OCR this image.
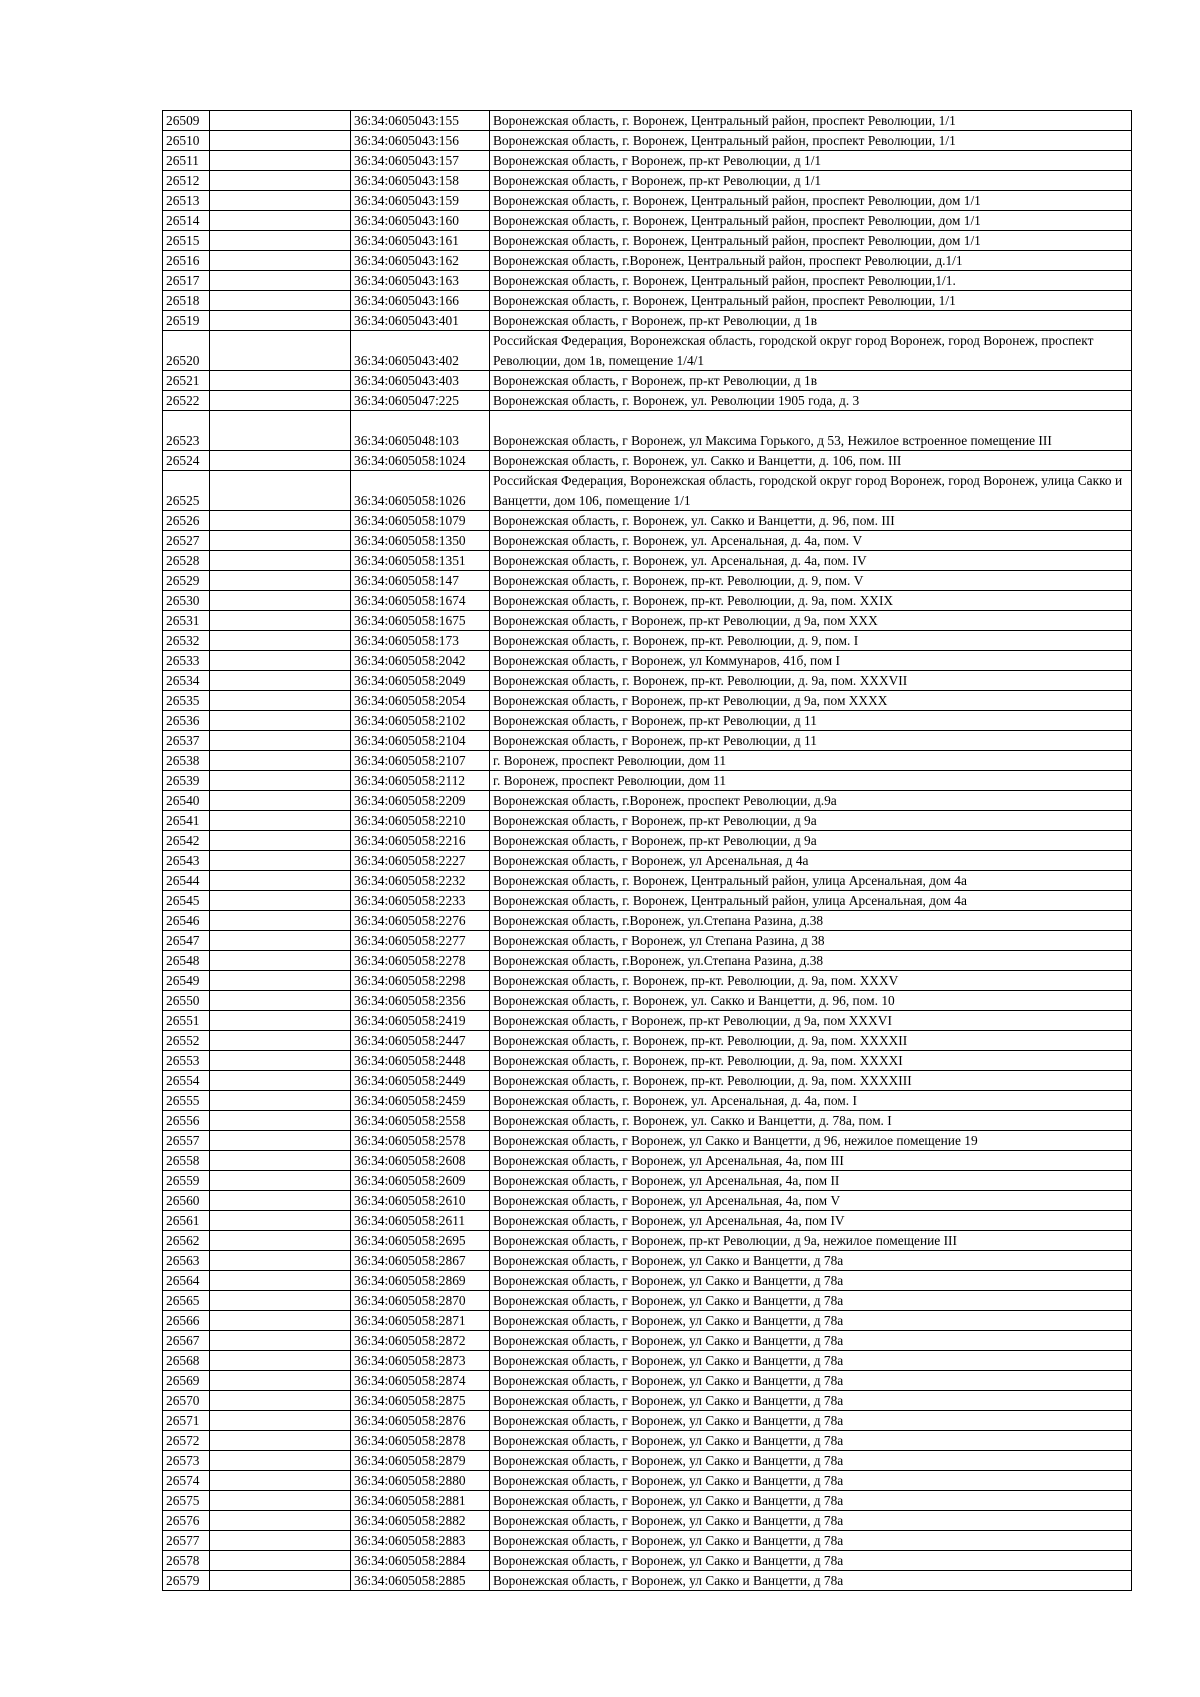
26509		36:34:0605043:155	Воронежская область, г. Воронеж, Центральный район, проспект Революции, 1/1
26510		36:34:0605043:156	Воронежская область, г. Воронеж, Центральный район, проспект Революции, 1/1
26511		36:34:0605043:157	Воронежская область, г Воронеж, пр-кт Революции, д 1/1
26512		36:34:0605043:158	Воронежская область, г Воронеж, пр-кт Революции, д 1/1
26513		36:34:0605043:159	Воронежская область, г. Воронеж, Центральный район, проспект Революции, дом 1/1
26514		36:34:0605043:160	Воронежская область, г. Воронеж, Центральный район, проспект Революции, дом 1/1
26515		36:34:0605043:161	Воронежская область, г. Воронеж, Центральный район, проспект Революции, дом 1/1
26516		36:34:0605043:162	Воронежская область, г.Воронеж, Центральный район, проспект Революции, д.1/1
26517		36:34:0605043:163	Воронежская область, г. Воронеж, Центральный район, проспект Революции,1/1.
26518		36:34:0605043:166	Воронежская область, г. Воронеж, Центральный район, проспект Революции, 1/1
26519		36:34:0605043:401	Воронежская область, г Воронеж, пр-кт Революции, д 1в
26520		36:34:0605043:402	Российская Федерация, Воронежская область, городской округ город Воронеж, город Воронеж, проспект Революции, дом 1в, помещение 1/4/1
26521		36:34:0605043:403	Воронежская область, г Воронеж, пр-кт Революции, д 1в
26522		36:34:0605047:225	Воронежская область, г. Воронеж, ул. Революции 1905 года, д. 3
26523		36:34:0605048:103	Воронежская область, г Воронеж, ул Максима Горького, д 53, Нежилое встроенное помещение III
26524		36:34:0605058:1024	Воронежская область, г. Воронеж, ул. Сакко и Ванцетти, д. 106, пом. III
26525		36:34:0605058:1026	Российская Федерация, Воронежская область, городской округ город Воронеж, город Воронеж, улица Сакко и Ванцетти, дом 106, помещение 1/1
26526		36:34:0605058:1079	Воронежская область, г. Воронеж, ул. Сакко и Ванцетти, д. 96, пом. III
26527		36:34:0605058:1350	Воронежская область, г. Воронеж, ул. Арсенальная, д. 4а, пом. V
26528		36:34:0605058:1351	Воронежская область, г. Воронеж, ул. Арсенальная, д. 4а, пом. IV
26529		36:34:0605058:147	Воронежская область, г. Воронеж, пр-кт. Революции, д. 9, пом. V
26530		36:34:0605058:1674	Воронежская область, г. Воронеж, пр-кт. Революции, д. 9а, пом. XXIX
26531		36:34:0605058:1675	Воронежская область, г Воронеж, пр-кт Революции, д 9а, пом XXX
26532		36:34:0605058:173	Воронежская область, г. Воронеж, пр-кт. Революции, д. 9, пом. I
26533		36:34:0605058:2042	Воронежская область, г Воронеж, ул Коммунаров, 41б, пом I
26534		36:34:0605058:2049	Воронежская область, г. Воронеж, пр-кт. Революции, д. 9а, пом. XXXVII
26535		36:34:0605058:2054	Воронежская область, г Воронеж, пр-кт Революции, д 9а, пом XXXX
26536		36:34:0605058:2102	Воронежская область, г Воронеж, пр-кт Революции, д 11
26537		36:34:0605058:2104	Воронежская область, г Воронеж, пр-кт Революции, д 11
26538		36:34:0605058:2107	г. Воронеж, проспект Революции, дом 11
26539		36:34:0605058:2112	г. Воронеж, проспект Революции, дом 11
26540		36:34:0605058:2209	Воронежская область, г.Воронеж, проспект Революции, д.9а
26541		36:34:0605058:2210	Воронежская область, г Воронеж, пр-кт Революции, д 9а
26542		36:34:0605058:2216	Воронежская область, г Воронеж, пр-кт Революции, д 9а
26543		36:34:0605058:2227	Воронежская область, г Воронеж, ул Арсенальная, д 4а
26544		36:34:0605058:2232	Воронежская область, г. Воронеж, Центральный район, улица Арсенальная, дом 4а
26545		36:34:0605058:2233	Воронежская область, г. Воронеж, Центральный район, улица Арсенальная, дом 4а
26546		36:34:0605058:2276	Воронежская область, г.Воронеж, ул.Степана Разина, д.38
26547		36:34:0605058:2277	Воронежская область, г Воронеж, ул Степана Разина, д 38
26548		36:34:0605058:2278	Воронежская область, г.Воронеж, ул.Степана Разина, д.38
26549		36:34:0605058:2298	Воронежская область, г. Воронеж, пр-кт. Революции, д. 9а, пом. XXXV
26550		36:34:0605058:2356	Воронежская область, г. Воронеж, ул. Сакко и Ванцетти, д. 96, пом. 10
26551		36:34:0605058:2419	Воронежская область, г Воронеж, пр-кт Революции, д 9а, пом XXXVI
26552		36:34:0605058:2447	Воронежская область, г. Воронеж, пр-кт. Революции, д. 9а, пом. XXXXII
26553		36:34:0605058:2448	Воронежская область, г. Воронеж, пр-кт. Революции, д. 9а, пом. XXXXI
26554		36:34:0605058:2449	Воронежская область, г. Воронеж, пр-кт. Революции, д. 9а, пом. XXXXIII
26555		36:34:0605058:2459	Воронежская область, г. Воронеж, ул. Арсенальная, д. 4а, пом. I
26556		36:34:0605058:2558	Воронежская область, г. Воронеж, ул. Сакко и Ванцетти, д. 78а, пом. I
26557		36:34:0605058:2578	Воронежская область, г Воронеж, ул Сакко и Ванцетти, д 96, нежилое помещение 19
26558		36:34:0605058:2608	Воронежская область, г Воронеж, ул Арсенальная, 4а, пом III
26559		36:34:0605058:2609	Воронежская область, г Воронеж, ул Арсенальная, 4а, пом II
26560		36:34:0605058:2610	Воронежская область, г Воронеж, ул Арсенальная, 4а, пом V
26561		36:34:0605058:2611	Воронежская область, г Воронеж, ул Арсенальная, 4а, пом IV
26562		36:34:0605058:2695	Воронежская область, г Воронеж, пр-кт Революции, д 9а, нежилое помещение III
26563		36:34:0605058:2867	Воронежская область, г Воронеж, ул Сакко и Ванцетти, д 78а
26564		36:34:0605058:2869	Воронежская область, г Воронеж, ул Сакко и Ванцетти, д 78а
26565		36:34:0605058:2870	Воронежская область, г Воронеж, ул Сакко и Ванцетти, д 78а
26566		36:34:0605058:2871	Воронежская область, г Воронеж, ул Сакко и Ванцетти, д 78а
26567		36:34:0605058:2872	Воронежская область, г Воронеж, ул Сакко и Ванцетти, д 78а
26568		36:34:0605058:2873	Воронежская область, г Воронеж, ул Сакко и Ванцетти, д 78а
26569		36:34:0605058:2874	Воронежская область, г Воронеж, ул Сакко и Ванцетти, д 78а
26570		36:34:0605058:2875	Воронежская область, г Воронеж, ул Сакко и Ванцетти, д 78а
26571		36:34:0605058:2876	Воронежская область, г Воронеж, ул Сакко и Ванцетти, д 78а
26572		36:34:0605058:2878	Воронежская область, г Воронеж, ул Сакко и Ванцетти, д 78а
26573		36:34:0605058:2879	Воронежская область, г Воронеж, ул Сакко и Ванцетти, д 78а
26574		36:34:0605058:2880	Воронежская область, г Воронеж, ул Сакко и Ванцетти, д 78а
26575		36:34:0605058:2881	Воронежская область, г Воронеж, ул Сакко и Ванцетти, д 78а
26576		36:34:0605058:2882	Воронежская область, г Воронеж, ул Сакко и Ванцетти, д 78а
26577		36:34:0605058:2883	Воронежская область, г Воронеж, ул Сакко и Ванцетти, д 78а
26578		36:34:0605058:2884	Воронежская область, г Воронеж, ул Сакко и Ванцетти, д 78а
26579		36:34:0605058:2885	Воронежская область, г Воронеж, ул Сакко и Ванцетти, д 78а
